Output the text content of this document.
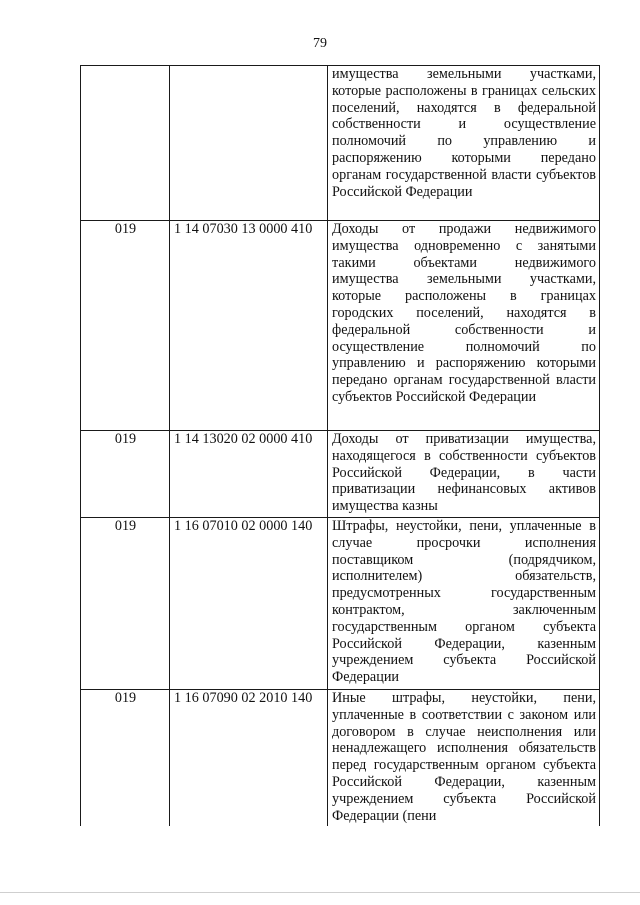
79
		имущества земельными участками, которые расположены в границах сельских поселений, находятся в федеральной собственности и осуществление полномочий по управлению и распоряжению которыми передано органам государственной власти субъектов Российской Федерации
019	1 14 07030 13 0000 410	Доходы от продажи недвижимого имущества одновременно с занятыми такими объектами недвижимого имущества земельными участками, которые расположены в границах городских поселений, находятся в федеральной собственности и осуществление полномочий по управлению и распоряжению которыми передано органам государственной власти субъектов Российской Федерации
019	1 14 13020 02 0000 410	Доходы от приватизации имущества, находящегося в собственности субъектов Российской Федерации, в части приватизации нефинансовых активов имущества казны
019	1 16 07010 02 0000 140	Штрафы, неустойки, пени, уплаченные в случае просрочки исполнения поставщиком (подрядчиком, исполнителем) обязательств, предусмотренных государственным контрактом, заключенным государственным органом субъекта Российской Федерации, казенным учреждением субъекта Российской Федерации
019	1 16 07090 02 2010 140	Иные штрафы, неустойки, пени, уплаченные в соответствии с законом или договором в случае неисполнения или ненадлежащего исполнения обязательств перед государственным органом субъекта Российской Федерации, казенным учреждением субъекта Российской Федерации (пени
